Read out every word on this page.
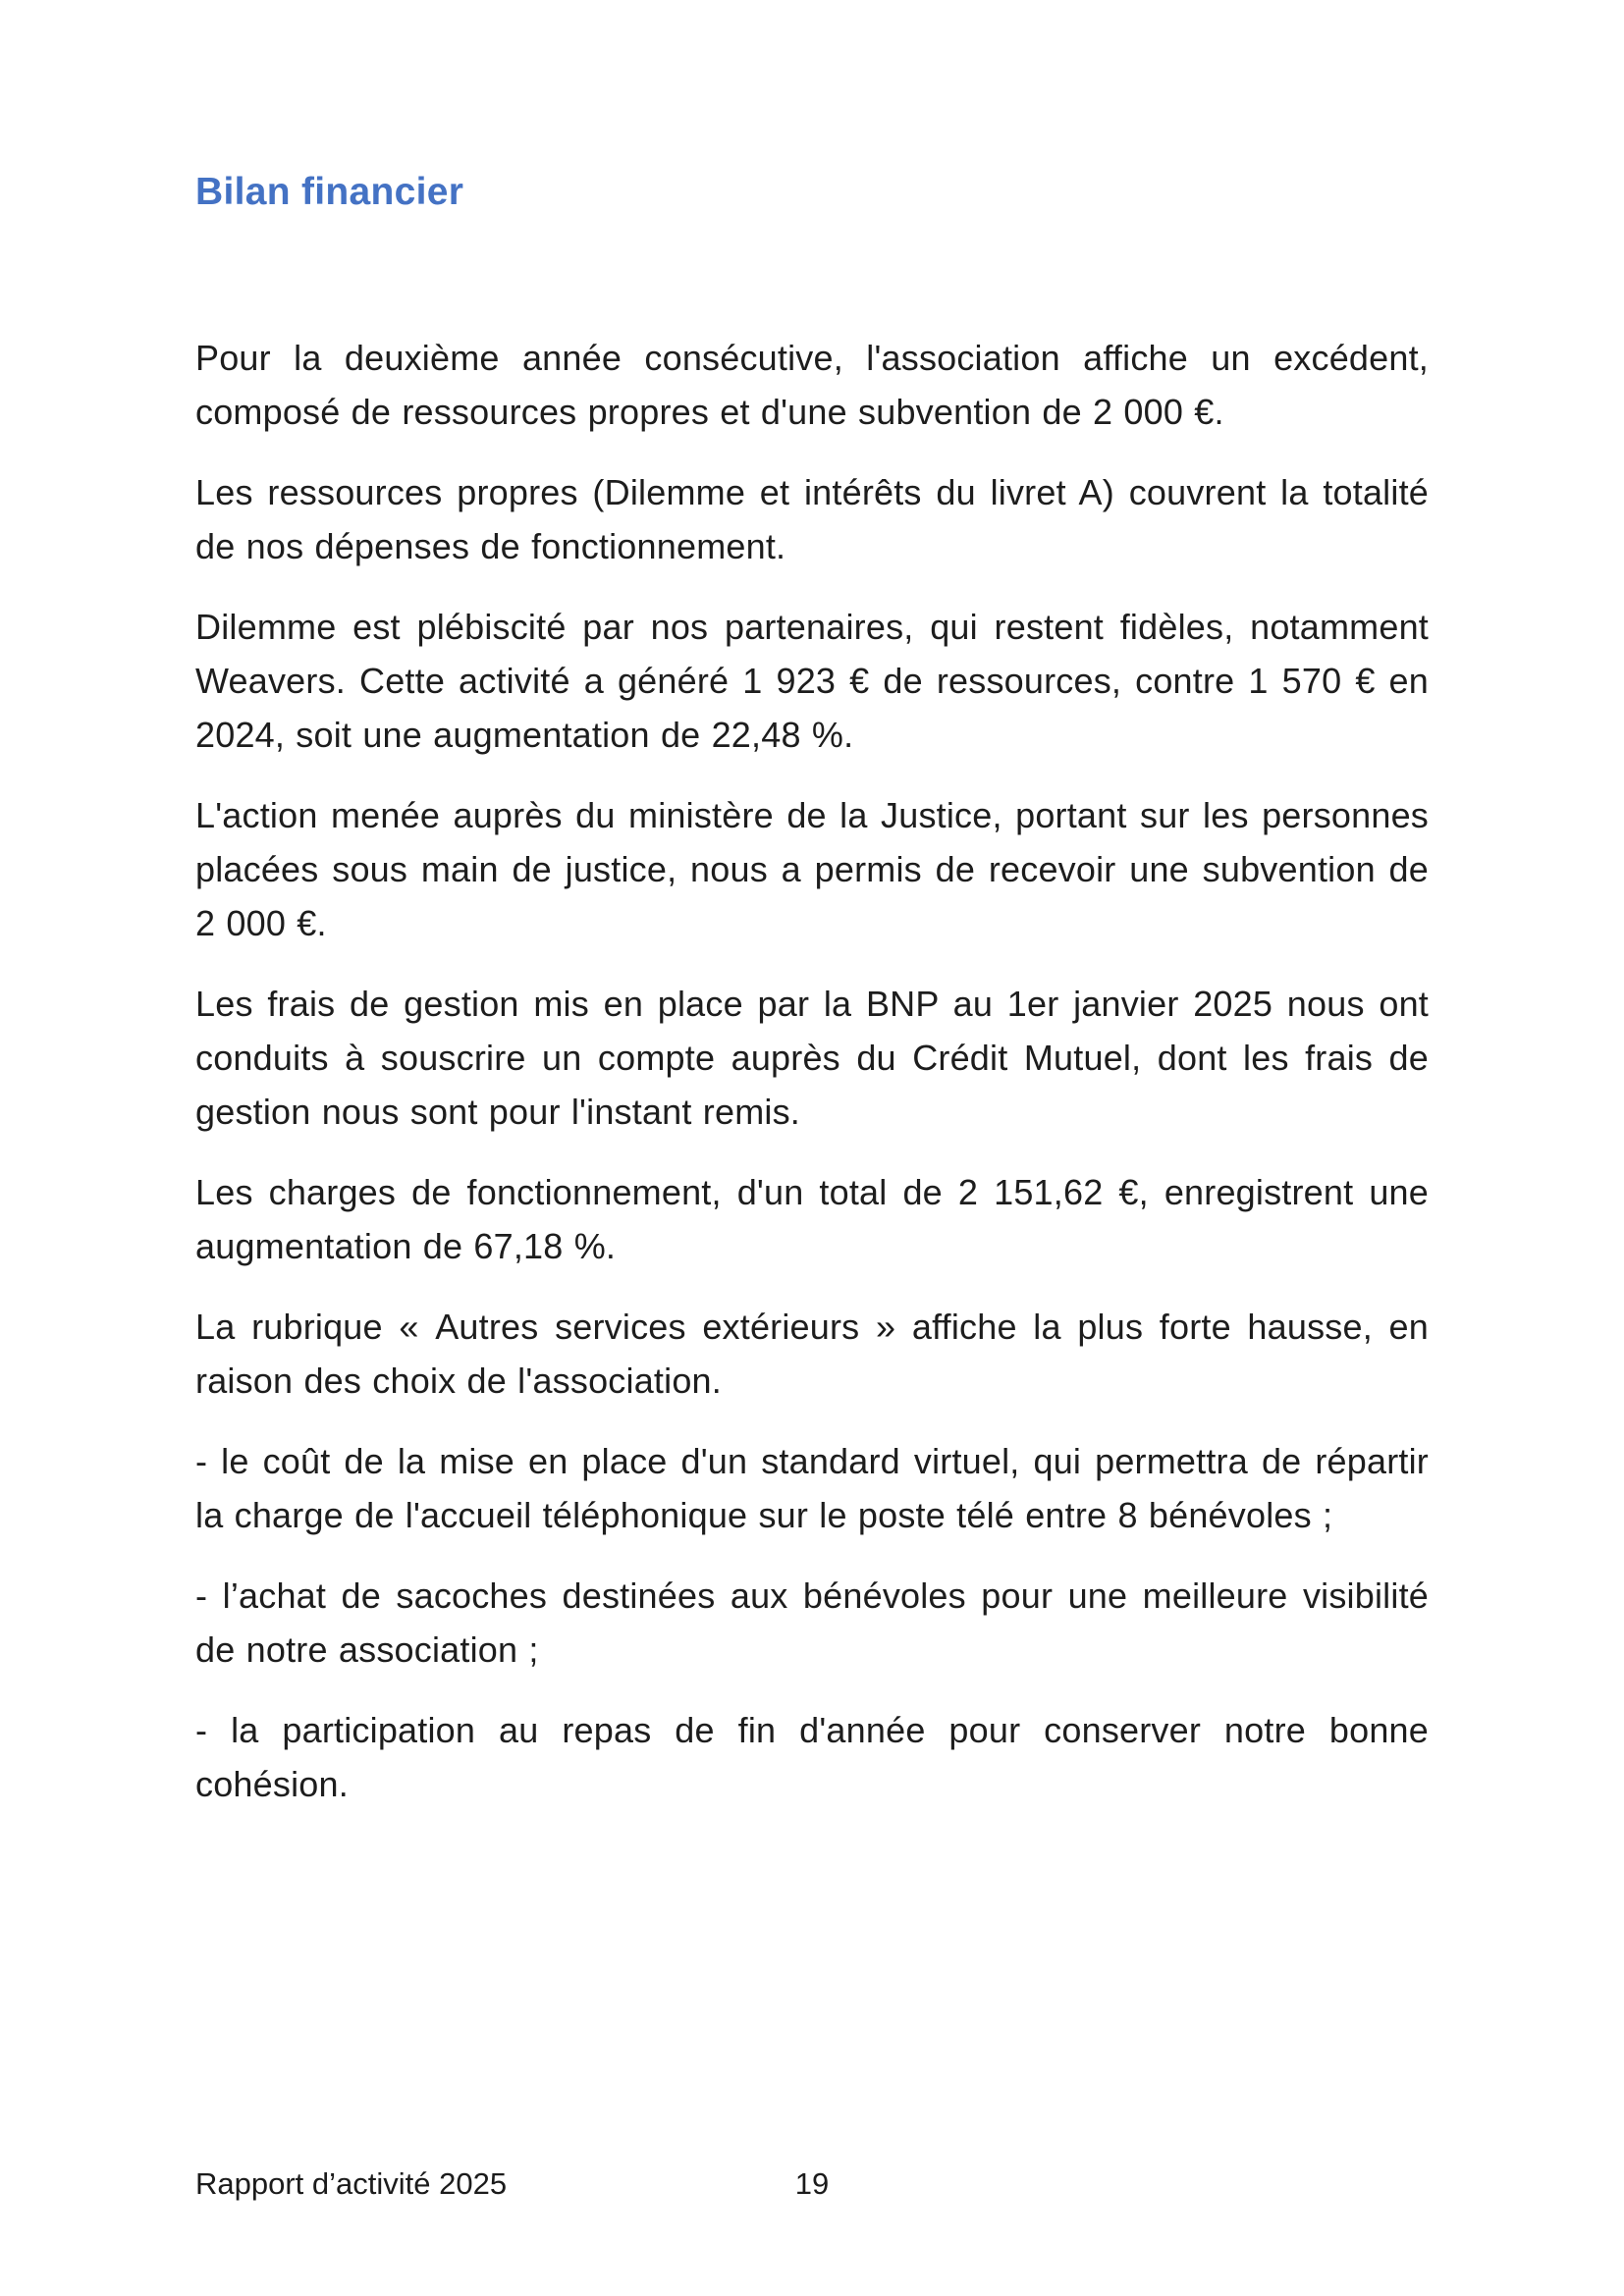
Bilan financier

Pour la deuxième année consécutive, l'association affiche un excédent, composé de ressources propres et d'une subvention de 2 000 €.

Les ressources propres (Dilemme et intérêts du livret A) couvrent la totalité de nos dépenses de fonctionnement.

Dilemme est plébiscité par nos partenaires, qui restent fidèles, notamment Weavers. Cette activité a généré 1 923 € de ressources, contre 1 570 € en 2024, soit une augmentation de 22,48 %.

L'action menée auprès du ministère de la Justice, portant sur les personnes placées sous main de justice, nous a permis de recevoir une subvention de 2 000 €.

Les frais de gestion mis en place par la BNP au 1er janvier 2025 nous ont conduits à souscrire un compte auprès du Crédit Mutuel, dont les frais de gestion nous sont pour l'instant remis.

Les charges de fonctionnement, d'un total de 2 151,62 €, enregistrent une augmentation de 67,18 %.

La rubrique « Autres services extérieurs » affiche la plus forte hausse, en raison des choix de l'association.

- le coût de la mise en place d'un standard virtuel, qui permettra de répartir la charge de l'accueil téléphonique sur le poste télé entre 8 bénévoles ;

- l’achat de sacoches destinées aux bénévoles pour une meilleure visibilité de notre association ;

- la participation au repas de fin d'année pour conserver notre bonne cohésion.

Rapport d’activité 2025	19
